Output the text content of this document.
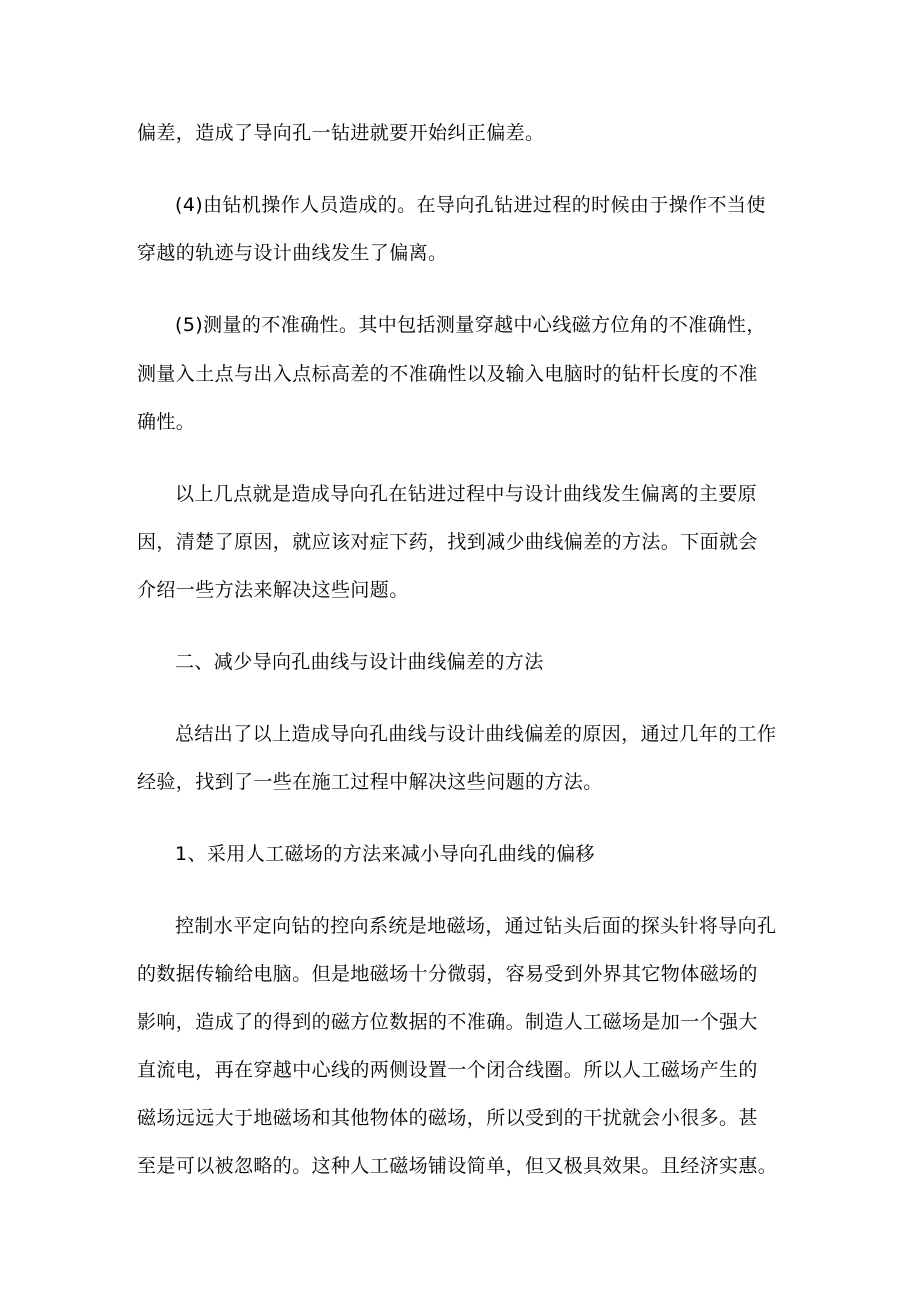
偏差，造成了导向孔一钻进就要开始纠正偏差。

(4)由钻机操作人员造成的。在导向孔钻进过程的时候由于操作不当使

穿越的轨迹与设计曲线发生了偏离。

(5)测量的不准确性。其中包括测量穿越中心线磁方位角的不准确性，

测量入土点与出入点标高差的不准确性以及输入电脑时的钻杆长度的不准

确性。

以上几点就是造成导向孔在钻进过程中与设计曲线发生偏离的主要原

因，清楚了原因，就应该对症下药，找到减少曲线偏差的方法。下面就会

介绍一些方法来解决这些问题。

二、减少导向孔曲线与设计曲线偏差的方法

总结出了以上造成导向孔曲线与设计曲线偏差的原因，通过几年的工作

经验，找到了一些在施工过程中解决这些问题的方法。

1、采用人工磁场的方法来减小导向孔曲线的偏移

控制水平定向钻的控向系统是地磁场，通过钻头后面的探头针将导向孔

的数据传输给电脑。但是地磁场十分微弱，容易受到外界其它物体磁场的

影响，造成了的得到的磁方位数据的不准确。制造人工磁场是加一个强大

直流电，再在穿越中心线的两侧设置一个闭合线圈。所以人工磁场产生的

磁场远远大于地磁场和其他物体的磁场，所以受到的干扰就会小很多。甚

至是可以被忽略的。这种人工磁场铺设简单，但又极具效果。且经济实惠。
